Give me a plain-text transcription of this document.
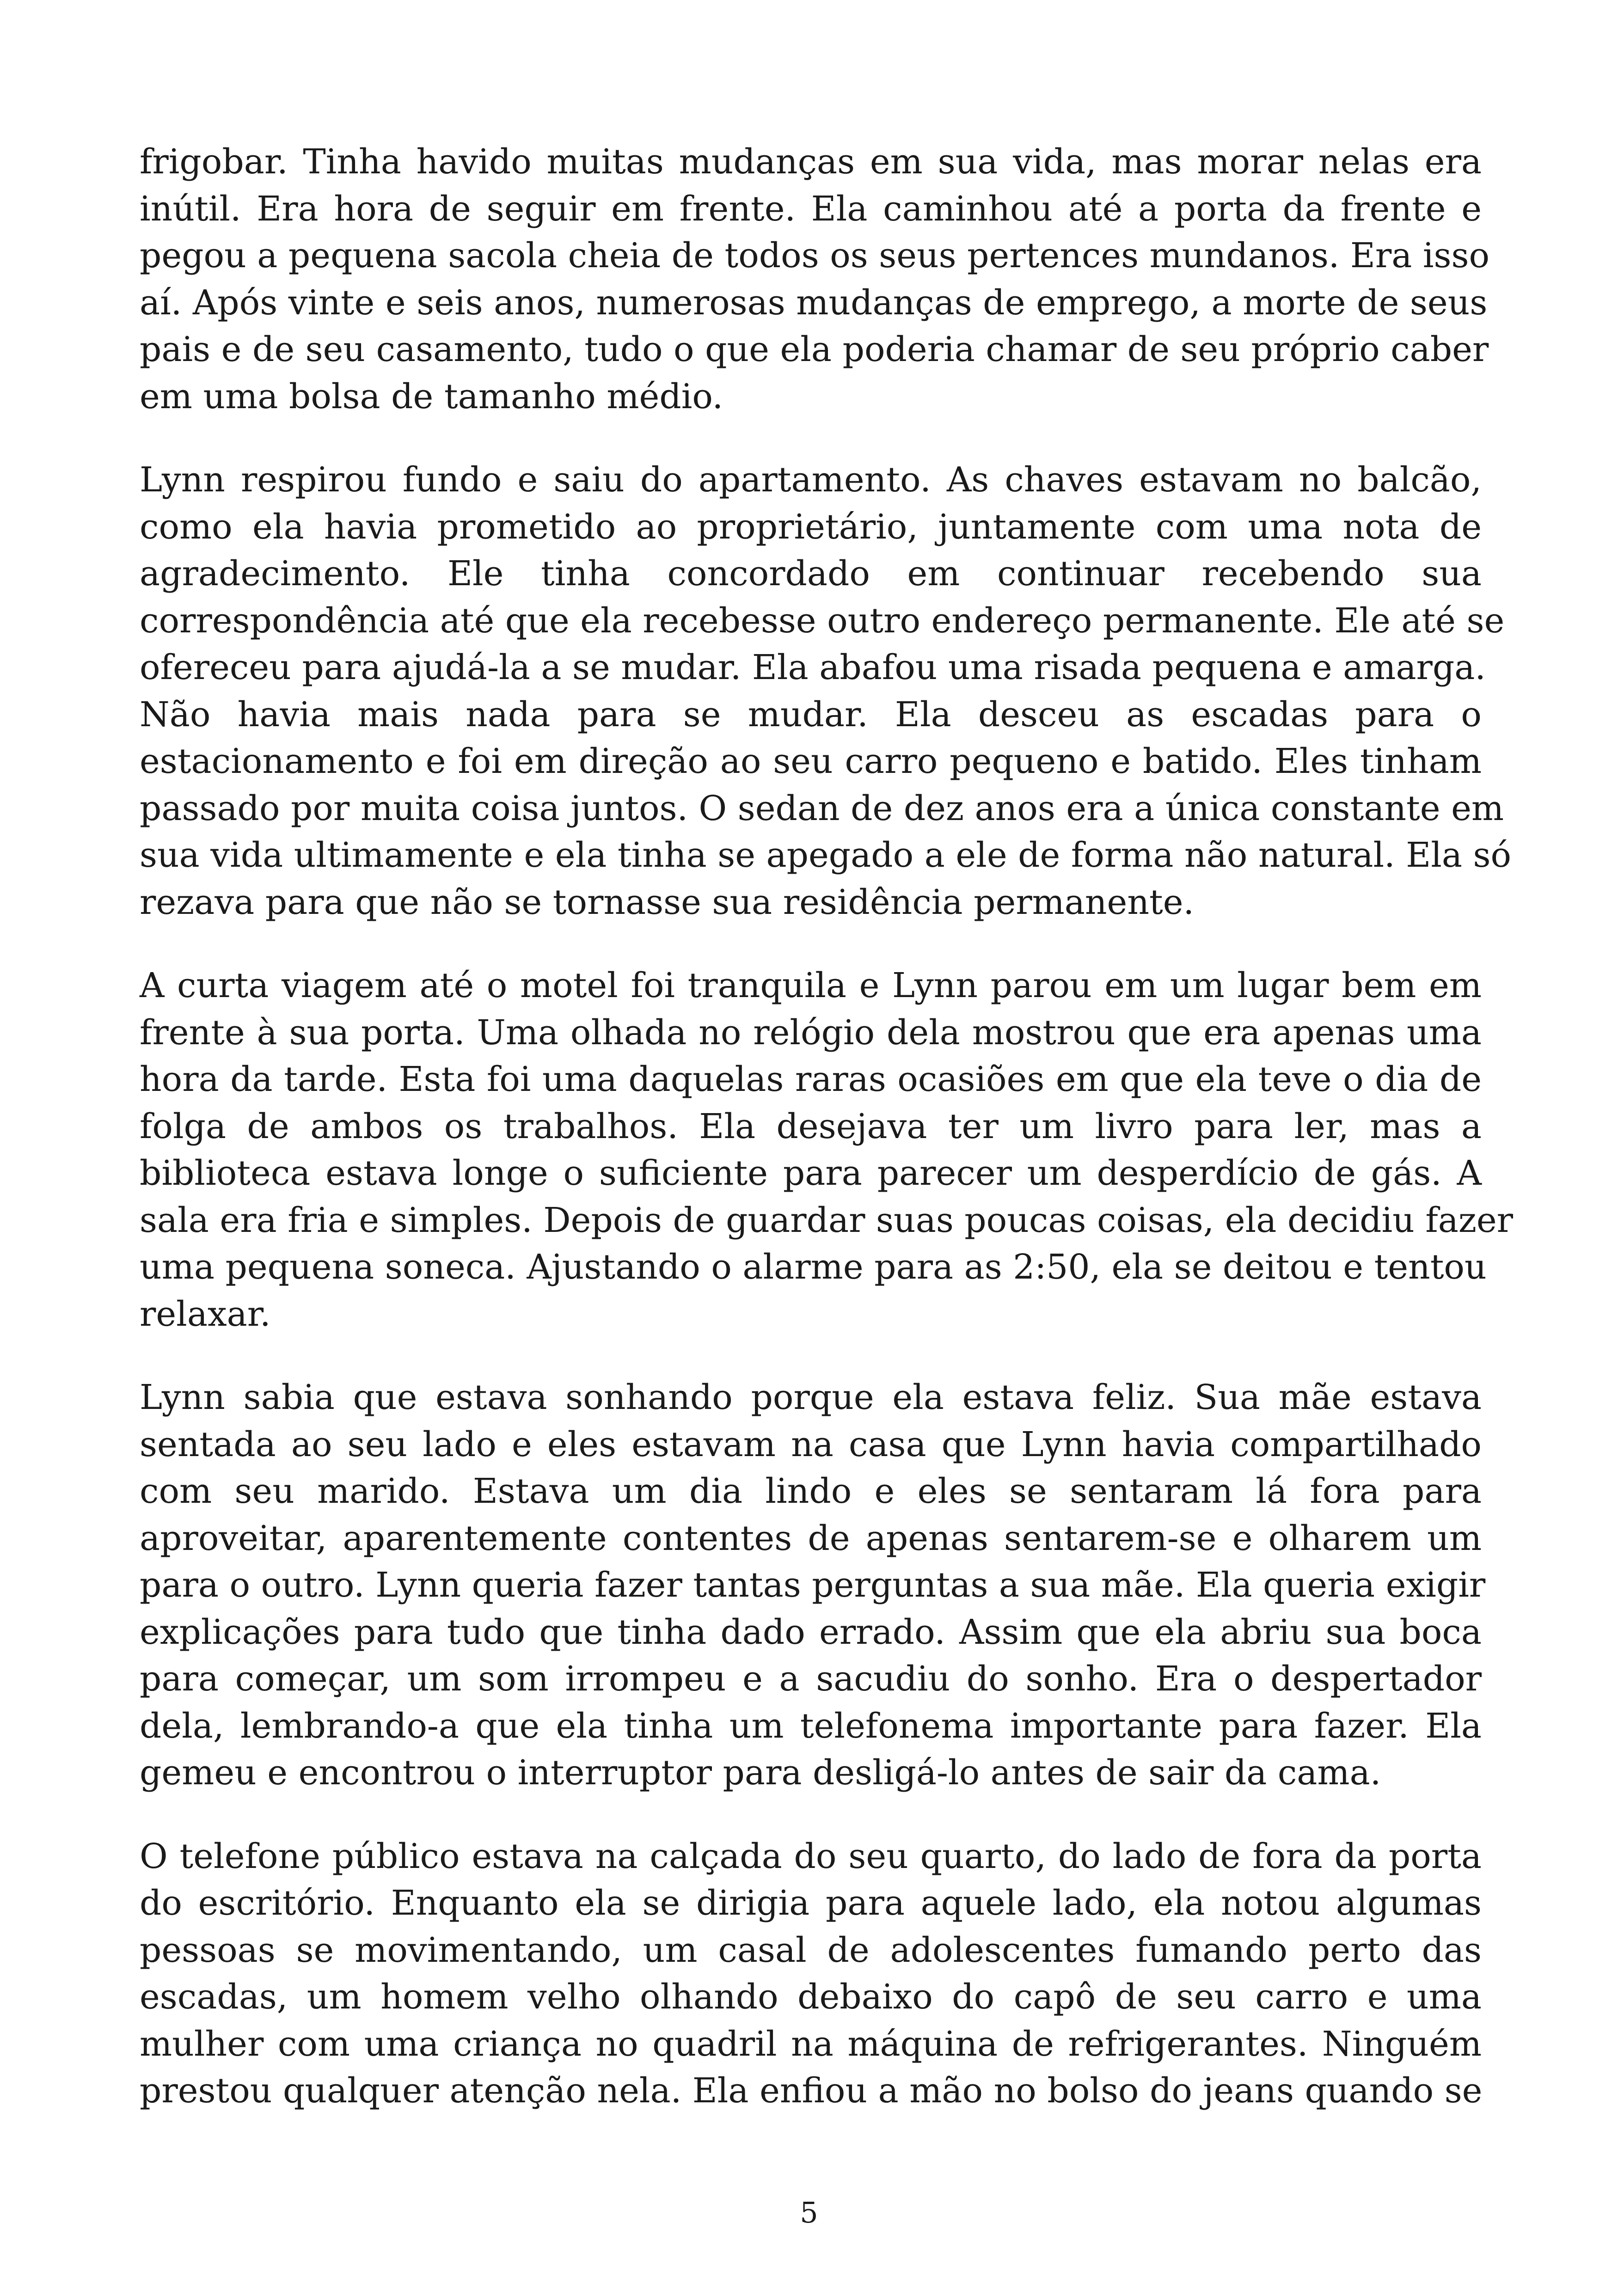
frigobar. Tinha havido muitas mudanças em sua vida, mas morar nelas era
inútil. Era hora de seguir em frente. Ela caminhou até a porta da frente e
pegou a pequena sacola cheia de todos os seus pertences mundanos. Era isso
aí. Após vinte e seis anos, numerosas mudanças de emprego, a morte de seus
pais e de seu casamento, tudo o que ela poderia chamar de seu próprio caber
em uma bolsa de tamanho médio.
Lynn respirou fundo e saiu do apartamento. As chaves estavam no balcão,
como ela havia prometido ao proprietário, juntamente com uma nota de
agradecimento. Ele tinha concordado em continuar recebendo sua
correspondência até que ela recebesse outro endereço permanente. Ele até se
ofereceu para ajudá-la a se mudar. Ela abafou uma risada pequena e amarga.
Não havia mais nada para se mudar. Ela desceu as escadas para o
estacionamento e foi em direção ao seu carro pequeno e batido. Eles tinham
passado por muita coisa juntos. O sedan de dez anos era a única constante em
sua vida ultimamente e ela tinha se apegado a ele de forma não natural. Ela só
rezava para que não se tornasse sua residência permanente.
A curta viagem até o motel foi tranquila e Lynn parou em um lugar bem em
frente à sua porta. Uma olhada no relógio dela mostrou que era apenas uma
hora da tarde. Esta foi uma daquelas raras ocasiões em que ela teve o dia de
folga de ambos os trabalhos. Ela desejava ter um livro para ler, mas a
biblioteca estava longe o suficiente para parecer um desperdício de gás. A
sala era fria e simples. Depois de guardar suas poucas coisas, ela decidiu fazer
uma pequena soneca. Ajustando o alarme para as 2:50, ela se deitou e tentou
relaxar.
Lynn sabia que estava sonhando porque ela estava feliz. Sua mãe estava
sentada ao seu lado e eles estavam na casa que Lynn havia compartilhado
com seu marido. Estava um dia lindo e eles se sentaram lá fora para
aproveitar, aparentemente contentes de apenas sentarem-se e olharem um
para o outro. Lynn queria fazer tantas perguntas a sua mãe. Ela queria exigir
explicações para tudo que tinha dado errado. Assim que ela abriu sua boca
para começar, um som irrompeu e a sacudiu do sonho. Era o despertador
dela, lembrando-a que ela tinha um telefonema importante para fazer. Ela
gemeu e encontrou o interruptor para desligá-lo antes de sair da cama.
O telefone público estava na calçada do seu quarto, do lado de fora da porta
do escritório. Enquanto ela se dirigia para aquele lado, ela notou algumas
pessoas se movimentando, um casal de adolescentes fumando perto das
escadas, um homem velho olhando debaixo do capô de seu carro e uma
mulher com uma criança no quadril na máquina de refrigerantes. Ninguém
prestou qualquer atenção nela. Ela enfiou a mão no bolso do jeans quando se
5
